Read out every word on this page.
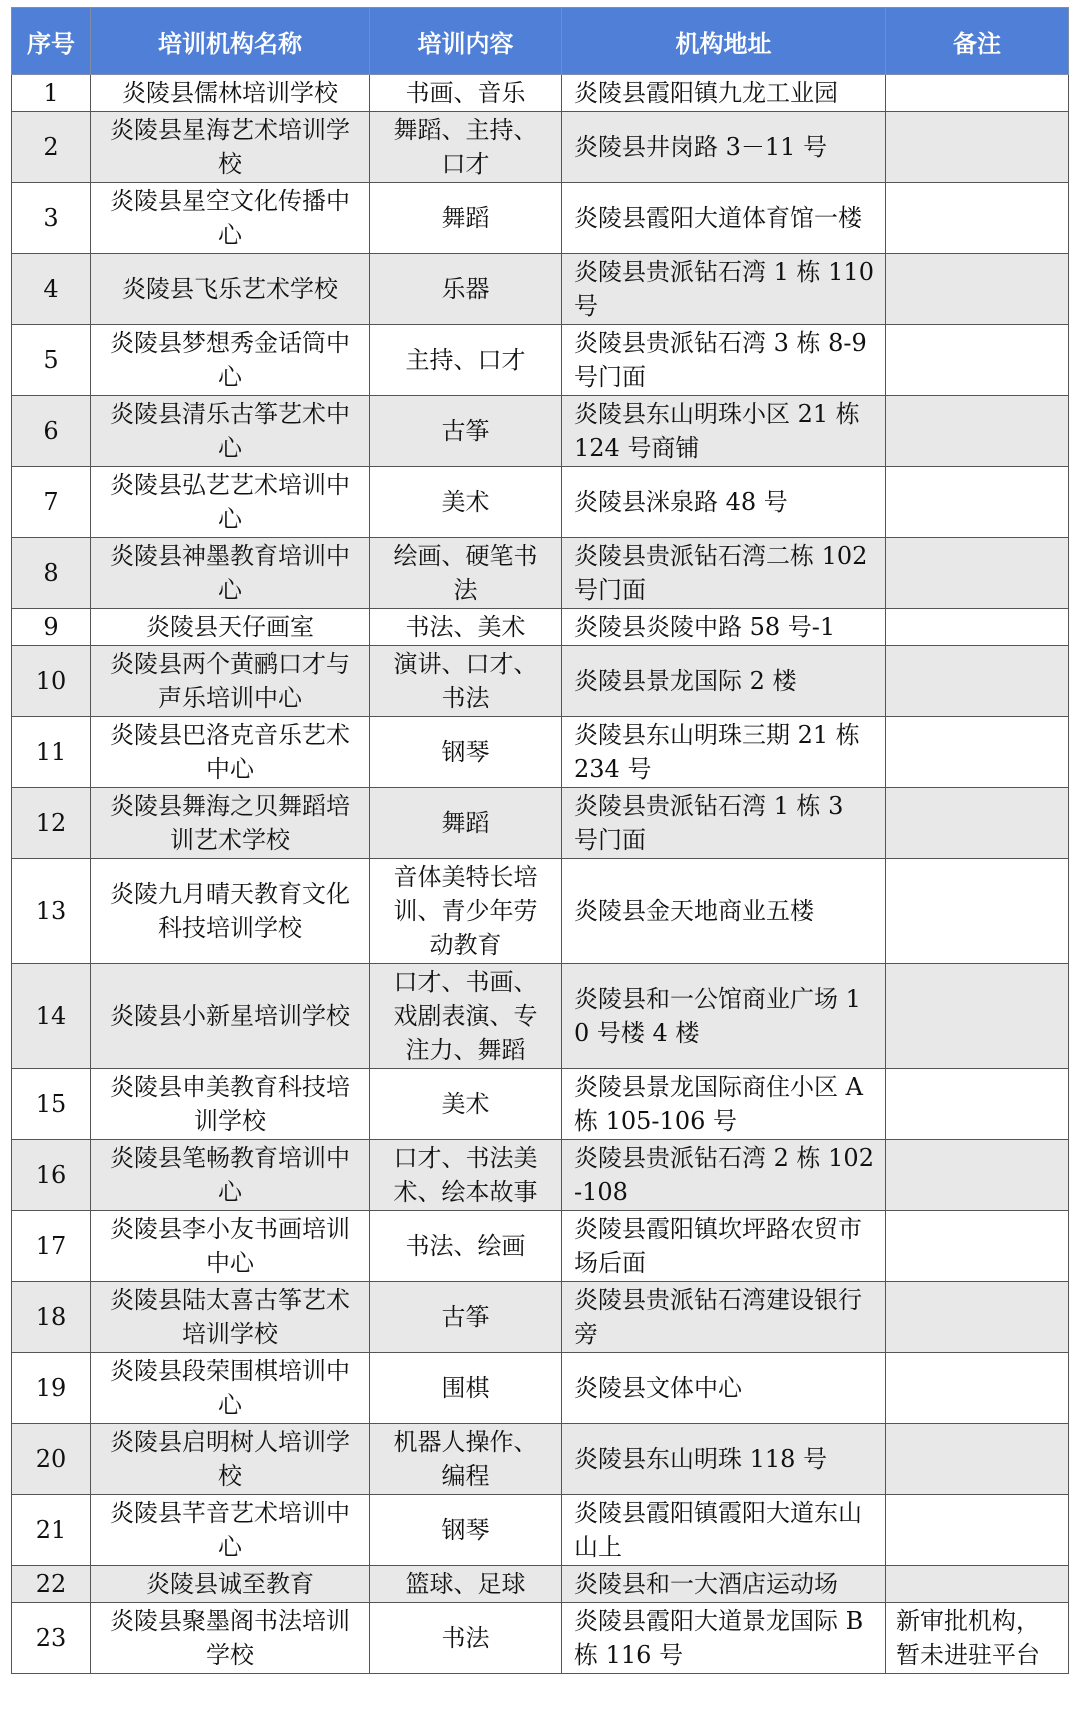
序号	培训机构名称	培训内容	机构地址	备注
1	炎陵县儒林培训学校	书画、音乐	炎陵县霞阳镇九龙工业园	
2	炎陵县星海艺术培训学校	舞蹈、主持、口才	炎陵县井岗路 3－11 号	
3	炎陵县星空文化传播中心	舞蹈	炎陵县霞阳大道体育馆一楼	
4	炎陵县飞乐艺术学校	乐器	炎陵县贵派钻石湾 1 栋 110 号	
5	炎陵县梦想秀金话筒中心	主持、口才	炎陵县贵派钻石湾 3 栋 8-9 号门面	
6	炎陵县清乐古筝艺术中心	古筝	炎陵县东山明珠小区 21 栋 124 号商铺	
7	炎陵县弘艺艺术培训中心	美术	炎陵县洣泉路 48 号	
8	炎陵县神墨教育培训中心	绘画、硬笔书法	炎陵县贵派钻石湾二栋 102 号门面	
9	炎陵县天仔画室	书法、美术	炎陵县炎陵中路 58 号-1	
10	炎陵县两个黄鹂口才与声乐培训中心	演讲、口才、书法	炎陵县景龙国际 2 楼	
11	炎陵县巴洛克音乐艺术中心	钢琴	炎陵县东山明珠三期 21 栋 234 号	
12	炎陵县舞海之贝舞蹈培训艺术学校	舞蹈	炎陵县贵派钻石湾 1 栋 3 号门面	
13	炎陵九月晴天教育文化科技培训学校	音体美特长培训、青少年劳动教育	炎陵县金天地商业五楼	
14	炎陵县小新星培训学校	口才、书画、戏剧表演、专注力、舞蹈	炎陵县和一公馆商业广场 10 号楼 4 楼	
15	炎陵县申美教育科技培训学校	美术	炎陵县景龙国际商住小区 A 栋 105-106 号	
16	炎陵县笔畅教育培训中心	口才、书法美术、绘本故事	炎陵县贵派钻石湾 2 栋 102-108	
17	炎陵县李小友书画培训中心	书法、绘画	炎陵县霞阳镇坎坪路农贸市场后面	
18	炎陵县陆太喜古筝艺术培训学校	古筝	炎陵县贵派钻石湾建设银行旁	
19	炎陵县段荣围棋培训中心	围棋	炎陵县文体中心	
20	炎陵县启明树人培训学校	机器人操作、编程	炎陵县东山明珠 118 号	
21	炎陵县芊音艺术培训中心	钢琴	炎陵县霞阳镇霞阳大道东山山上	
22	炎陵县诚至教育	篮球、足球	炎陵县和一大酒店运动场	
23	炎陵县聚墨阁书法培训学校	书法	炎陵县霞阳大道景龙国际 B 栋 116 号	新审批机构，暂未进驻平台
